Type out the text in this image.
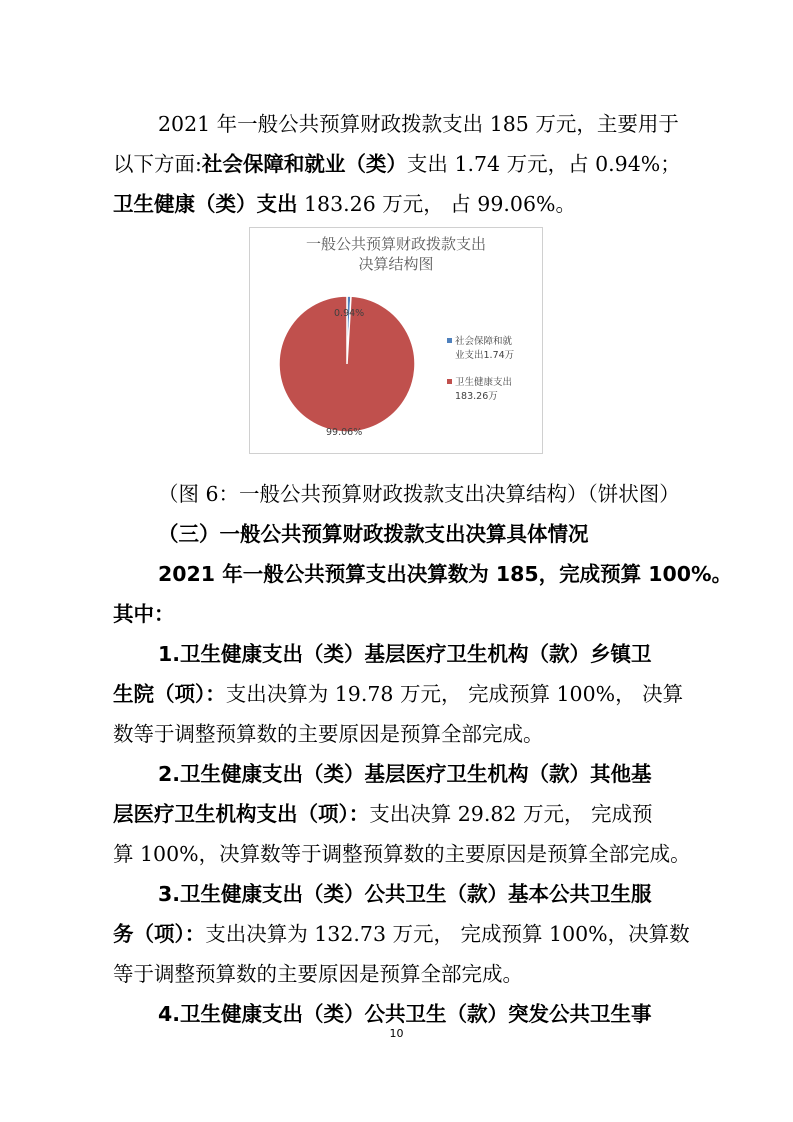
2021 年一般公共预算财政拨款支出 185 万元，主要用于
以下方面:社会保障和就业（类）支出 1.74 万元，占 0.94%；
卫生健康（类）支出 183.26 万元， 占 99.06%。
一般公共预算财政拨款支出
决算结构图
0.94%
99.06%
社会保障和就
业支出1.74万
卫生健康支出
183.26万
（图 6：一般公共预算财政拨款支出决算结构）（饼状图）
（三）一般公共预算财政拨款支出决算具体情况
2021 年一般公共预算支出决算数为 185，完成预算 100%。
其中：
1.卫生健康支出（类）基层医疗卫生机构（款）乡镇卫
生院（项）：支出决算为 19.78 万元， 完成预算 100%， 决算
数等于调整预算数的主要原因是预算全部完成。
2.卫生健康支出（类）基层医疗卫生机构（款）其他基
层医疗卫生机构支出（项）：支出决算 29.82 万元， 完成预
算 100%，决算数等于调整预算数的主要原因是预算全部完成。
3.卫生健康支出（类）公共卫生（款）基本公共卫生服
务（项）：支出决算为 132.73 万元， 完成预算 100%，决算数
等于调整预算数的主要原因是预算全部完成。
4.卫生健康支出（类）公共卫生（款）突发公共卫生事
10
